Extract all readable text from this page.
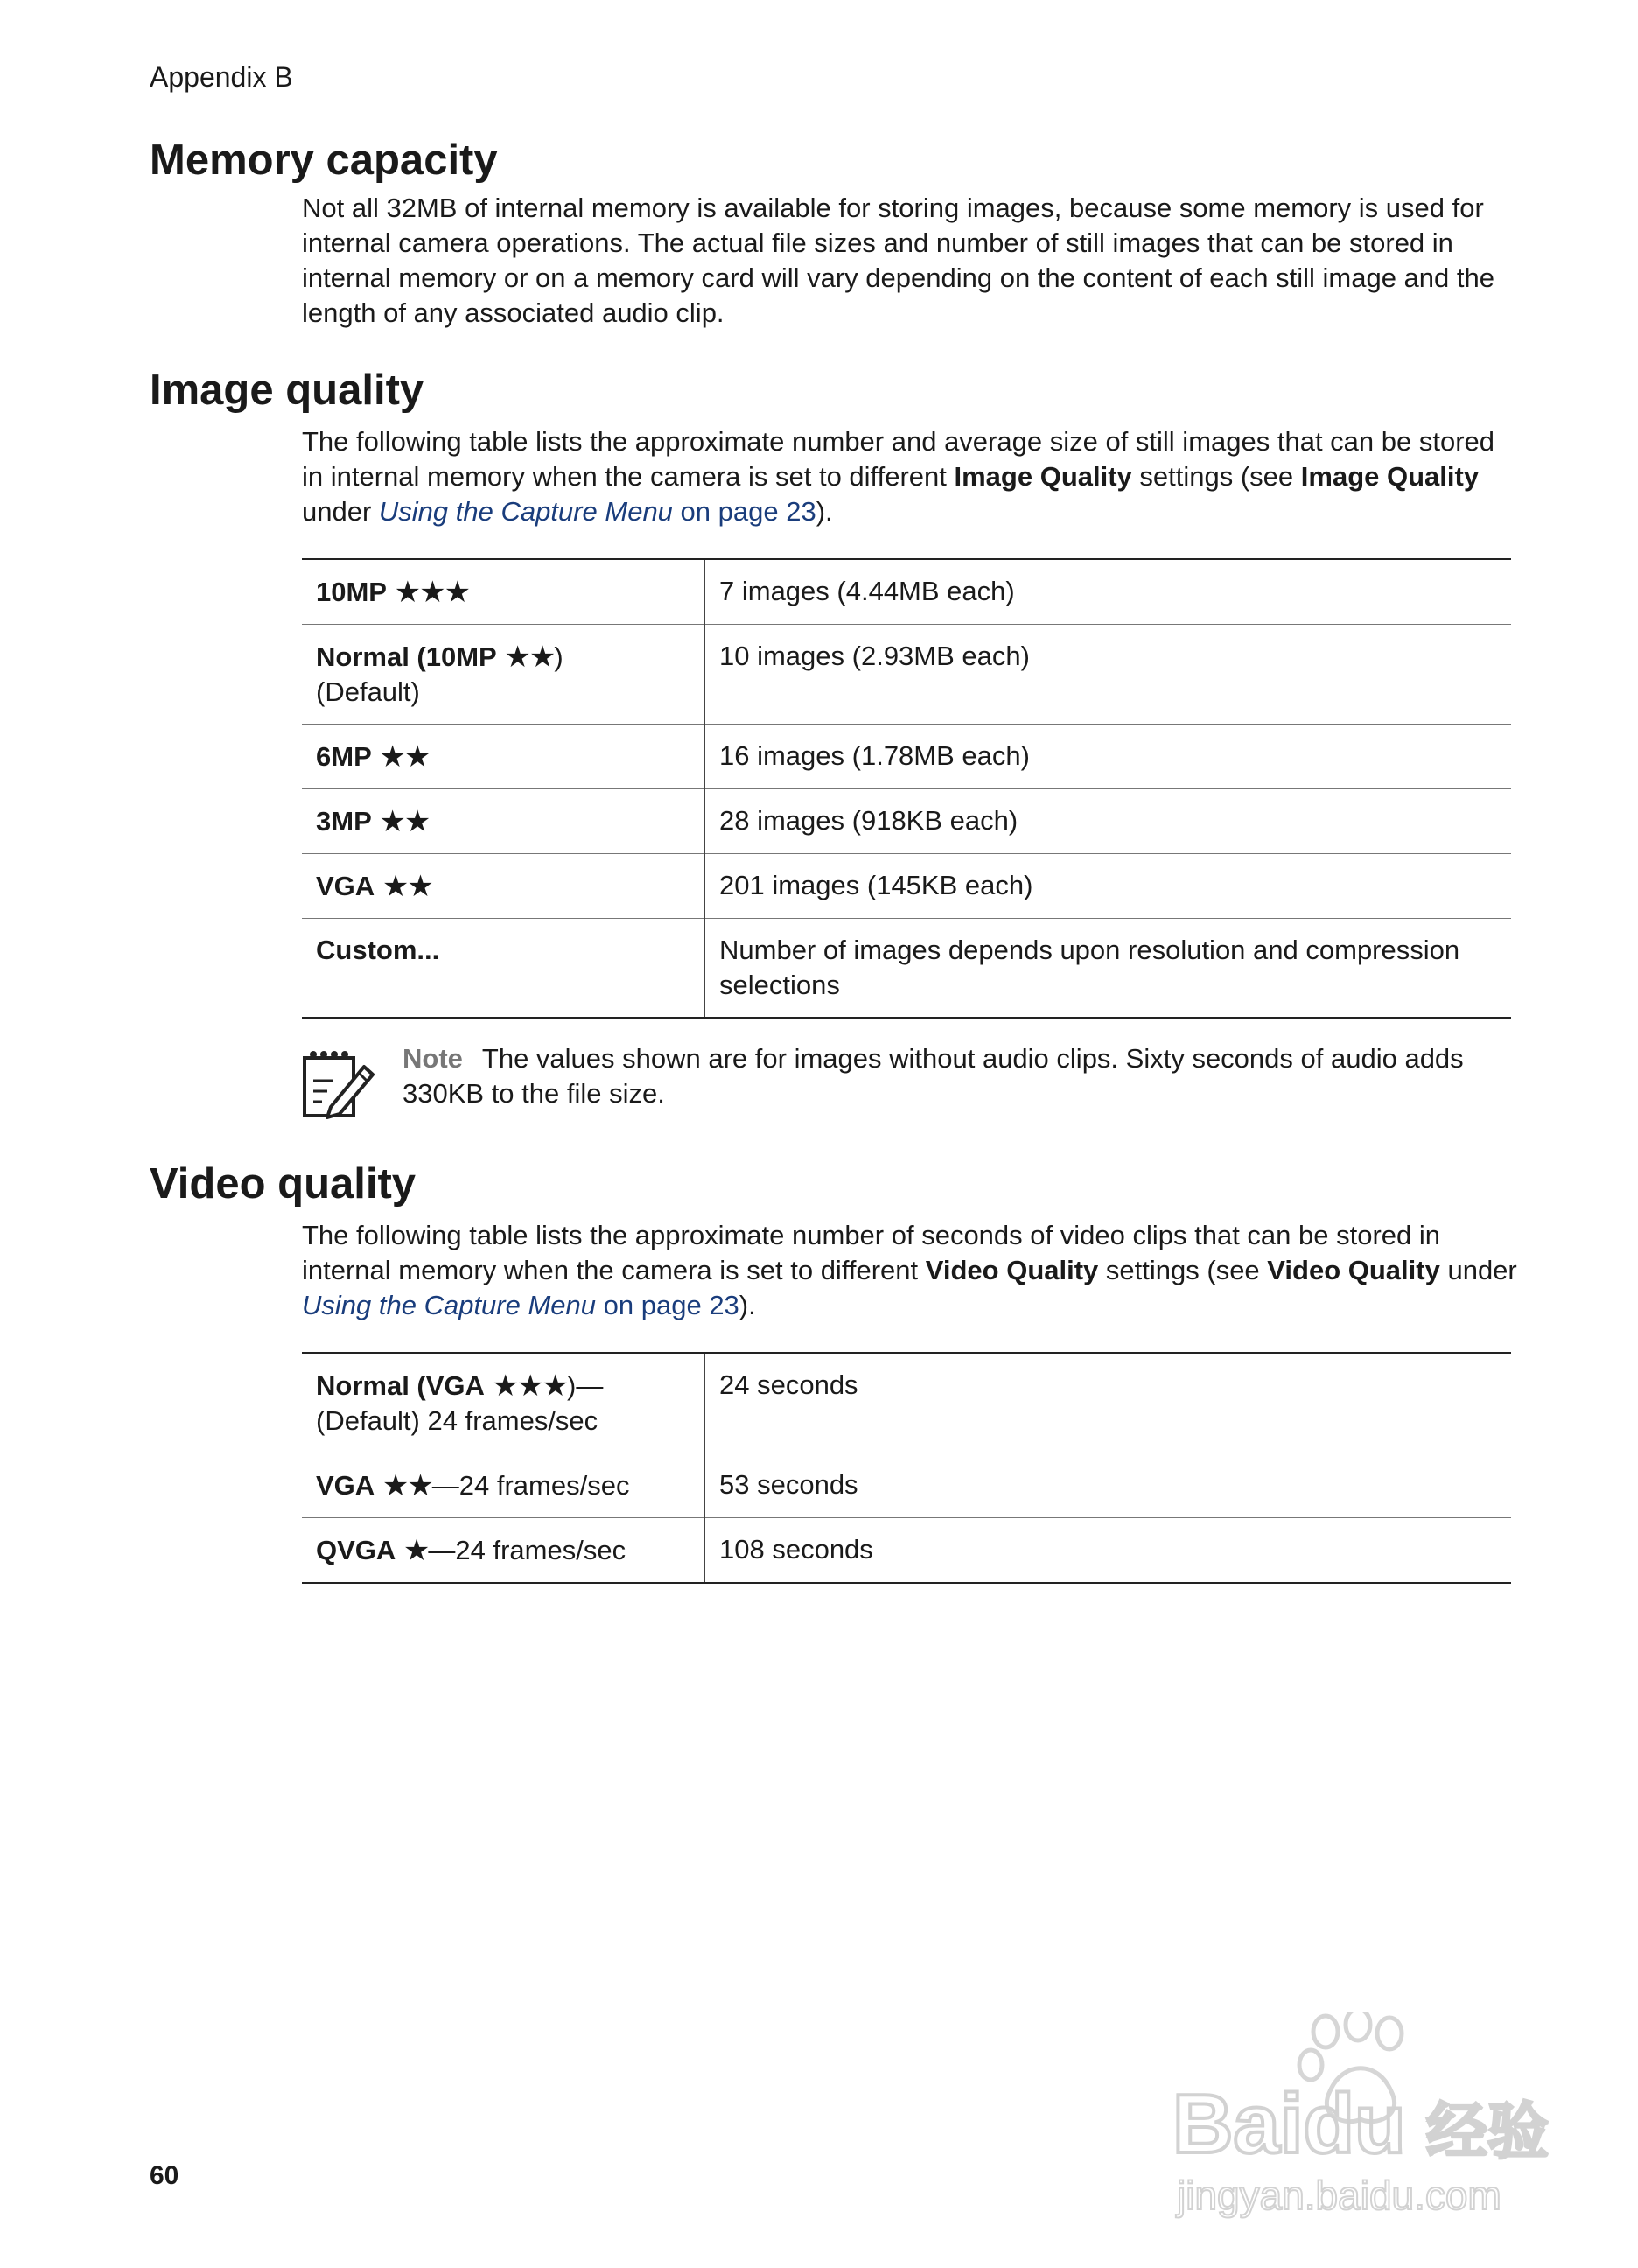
Appendix B
Memory capacity
Not all 32MB of internal memory is available for storing images, because some memory is used for internal camera operations. The actual file sizes and number of still images that can be stored in internal memory or on a memory card will vary depending on the content of each still image and the length of any associated audio clip.
Image quality
The following table lists the approximate number and average size of still images that can be stored in internal memory when the camera is set to different Image Quality settings (see Image Quality under Using the Capture Menu on page 23).
10MP ★★★	7 images (4.44MB each)
Normal (10MP ★★)
(Default)	10 images (2.93MB each)
6MP ★★	16 images (1.78MB each)
3MP ★★	28 images (918KB each)
VGA ★★	201 images (145KB each)
Custom...	Number of images depends upon resolution and compression selections
Note The values shown are for images without audio clips. Sixty seconds of audio adds 330KB to the file size.
Video quality
The following table lists the approximate number of seconds of video clips that can be stored in internal memory when the camera is set to different Video Quality settings (see Video Quality under Using the Capture Menu on page 23).
Normal (VGA ★★★)—
(Default) 24 frames/sec	24 seconds
VGA ★★—24 frames/sec	53 seconds
QVGA ★—24 frames/sec	108 seconds
60
Baidu 经验
jingyan.baidu.com
